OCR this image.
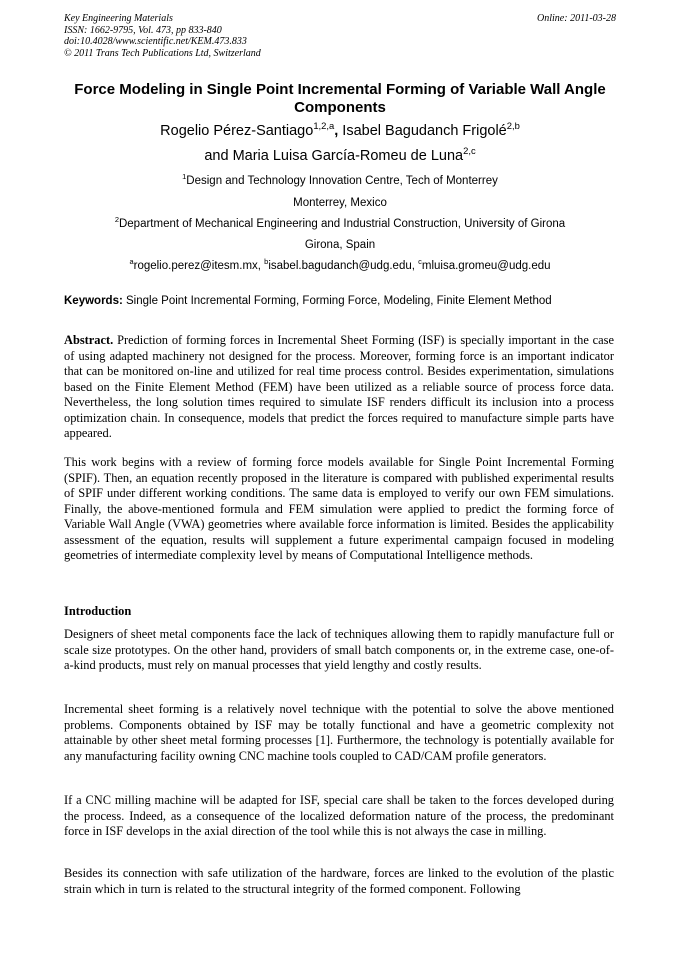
Key Engineering Materials
ISSN: 1662-9795, Vol. 473, pp 833-840
doi:10.4028/www.scientific.net/KEM.473.833
© 2011 Trans Tech Publications Ltd, Switzerland
Online: 2011-03-28
Force Modeling in Single Point Incremental Forming of Variable Wall Angle Components
Rogelio Pérez-Santiago$^{1,2,a}$, Isabel Bagudanch Frigolé$^{2,b}$
and Maria Luisa García-Romeu de Luna$^{2,c}$
$^1$Design and Technology Innovation Centre, Tech of Monterrey
Monterrey, Mexico
$^2$Department of Mechanical Engineering and Industrial Construction, University of Girona
Girona, Spain
$^a$rogelio.perez@itesm.mx, $^b$isabel.bagudanch@udg.edu, $^c$mluisa.gromeu@udg.edu
Keywords: Single Point Incremental Forming, Forming Force, Modeling, Finite Element Method

Abstract. Prediction of forming forces in Incremental Sheet Forming (ISF) is specially important in the case of using adapted machinery not designed for the process. Moreover, forming force is an important indicator that can be monitored on-line and utilized for real time process control. Besides experimentation, simulations based on the Finite Element Method (FEM) have been utilized as a reliable source of process force data. Nevertheless, the long solution times required to simulate ISF renders difficult its inclusion into a process optimization chain. In consequence, models that predict the forces required to manufacture simple parts have appeared.

This work begins with a review of forming force models available for Single Point Incremental Forming (SPIF). Then, an equation recently proposed in the literature is compared with published experimental results of SPIF under different working conditions. The same data is employed to verify our own FEM simulations. Finally, the above-mentioned formula and FEM simulation were applied to predict the forming force of Variable Wall Angle (VWA) geometries where available force information is limited. Besides the applicability assessment of the equation, results will supplement a future experimental campaign focused in modeling geometries of intermediate complexity level by means of Computational Intelligence methods.

Introduction

Designers of sheet metal components face the lack of techniques allowing them to rapidly manufacture full or scale size prototypes. On the other hand, providers of small batch components or, in the extreme case, one-of-a-kind products, must rely on manual processes that yield lengthy and costly results.

Incremental sheet forming is a relatively novel technique with the potential to solve the above mentioned problems. Components obtained by ISF may be totally functional and have a geometric complexity not attainable by other sheet metal forming processes [1]. Furthermore, the technology is potentially available for any manufacturing facility owning CNC machine tools coupled to CAD/CAM profile generators.

If a CNC milling machine will be adapted for ISF, special care shall be taken to the forces developed during the process. Indeed, as a consequence of the localized deformation nature of the process, the predominant force in ISF develops in the axial direction of the tool while this is not always the case in milling.

Besides its connection with safe utilization of the hardware, forces are linked to the evolution of the plastic strain which in turn is related to the structural integrity of the formed component. Following
